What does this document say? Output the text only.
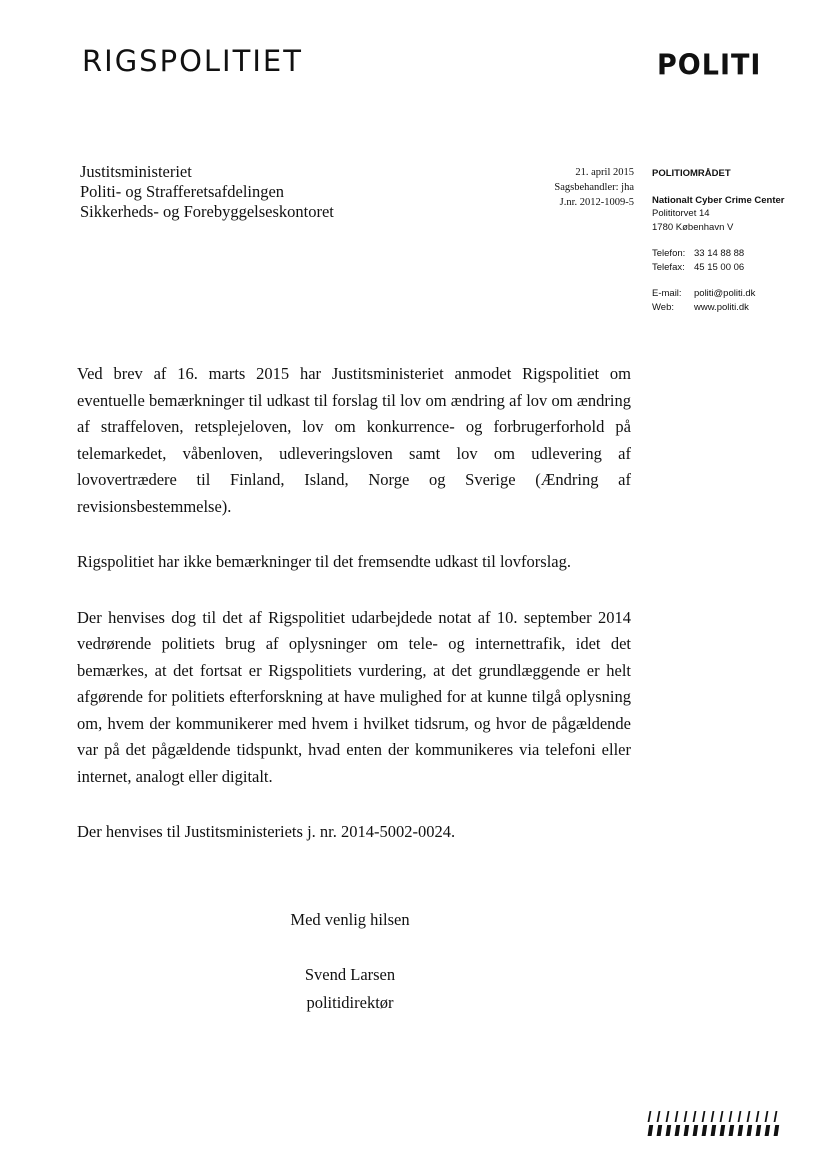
RIGSPOLITIET	POLITI
Justitsministeriet
Politi- og Strafferetsafdelingen
Sikkerheds- og Forebyggelseskontoret
21. april 2015
Sagsbehandler: jha
J.nr. 2012-1009-5
POLITIOMRÅDET
Nationalt Cyber Crime Center
Polititorvet 14
1780 København V
Telefon: 33 14 88 88
Telefax: 45 15 00 06
E-mail:	politi@politi.dk
Web:	www.politi.dk

Ved brev af 16. marts 2015 har Justitsministeriet anmodet Rigspolitiet om eventuelle bemærkninger til udkast til forslag til lov om ændring af lov om ændring af straffeloven, retsplejeloven, lov om konkurrence- og forbrugerforhold på telemarkedet, våbenloven, udleveringsloven samt lov om udlevering af lovovertrædere til Finland, Island, Norge og Sverige (Ændring af revisionsbestemmelse).

Rigspolitiet har ikke bemærkninger til det fremsendte udkast til lovforslag.

Der henvises dog til det af Rigspolitiet udarbejdede notat af 10. september 2014 vedrørende politiets brug af oplysninger om tele- og internettrafik, idet det bemærkes, at det fortsat er Rigspolitiets vurdering, at det grundlæggende er helt afgørende for politiets efterforskning at have mulighed for at kunne tilgå oplysning om, hvem der kommunikerer med hvem i hvilket tidsrum, og hvor de pågældende var på det pågældende tidspunkt, hvad enten der kommunikeres via telefoni eller internet, analogt eller digitalt.

Der henvises til Justitsministeriets j. nr. 2014-5002-0024.

Med venlig hilsen
Svend Larsen
politidirektør
